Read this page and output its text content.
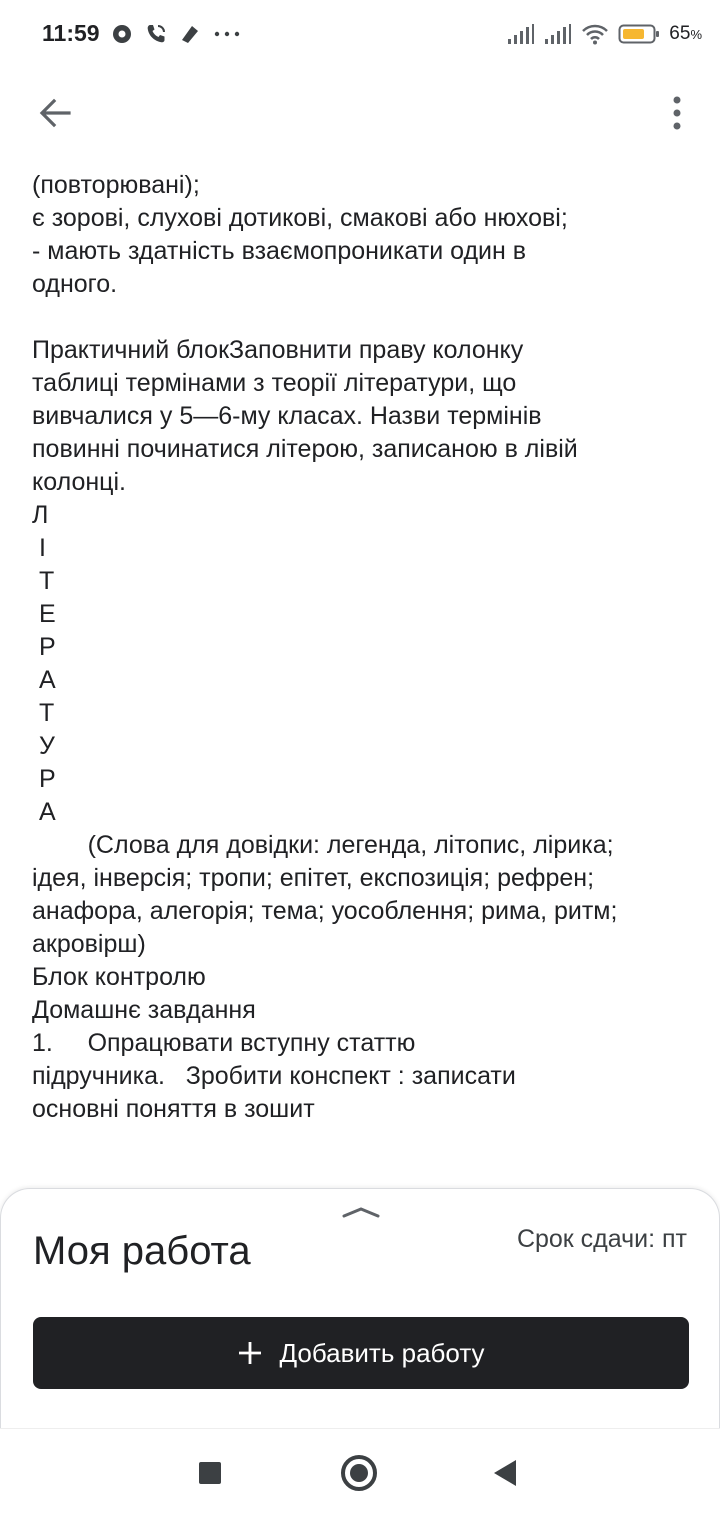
11:59	65%
(повторювані);
є зорові, слухові дотикові, смакові або нюхові;
- мають здатність взаємопроникати один в
одного.
Практичний блокЗаповнити праву колонку
таблиці термінами з теорії літератури, що
вивчалися у 5—6-му класах. Назви термінів
повинні починатися літерою, записаною в лівій
колонці.
Л
І
Т
Е
Р
А
Т
У
Р
А
(Слова для довідки: легенда, літопис, лірика;
ідея, інверсія; тропи; епітет, експозиція; рефрен;
анафора, алегорія; тема; уособлення; рима, ритм;
акровірш)
Блок контролю
Домашнє завдання
1.     Опрацювати вступну статтю
підручника.   Зробити конспект : записати
основні поняття в зошит
Моя работа	Срок сдачи: пт
Добавить работу
